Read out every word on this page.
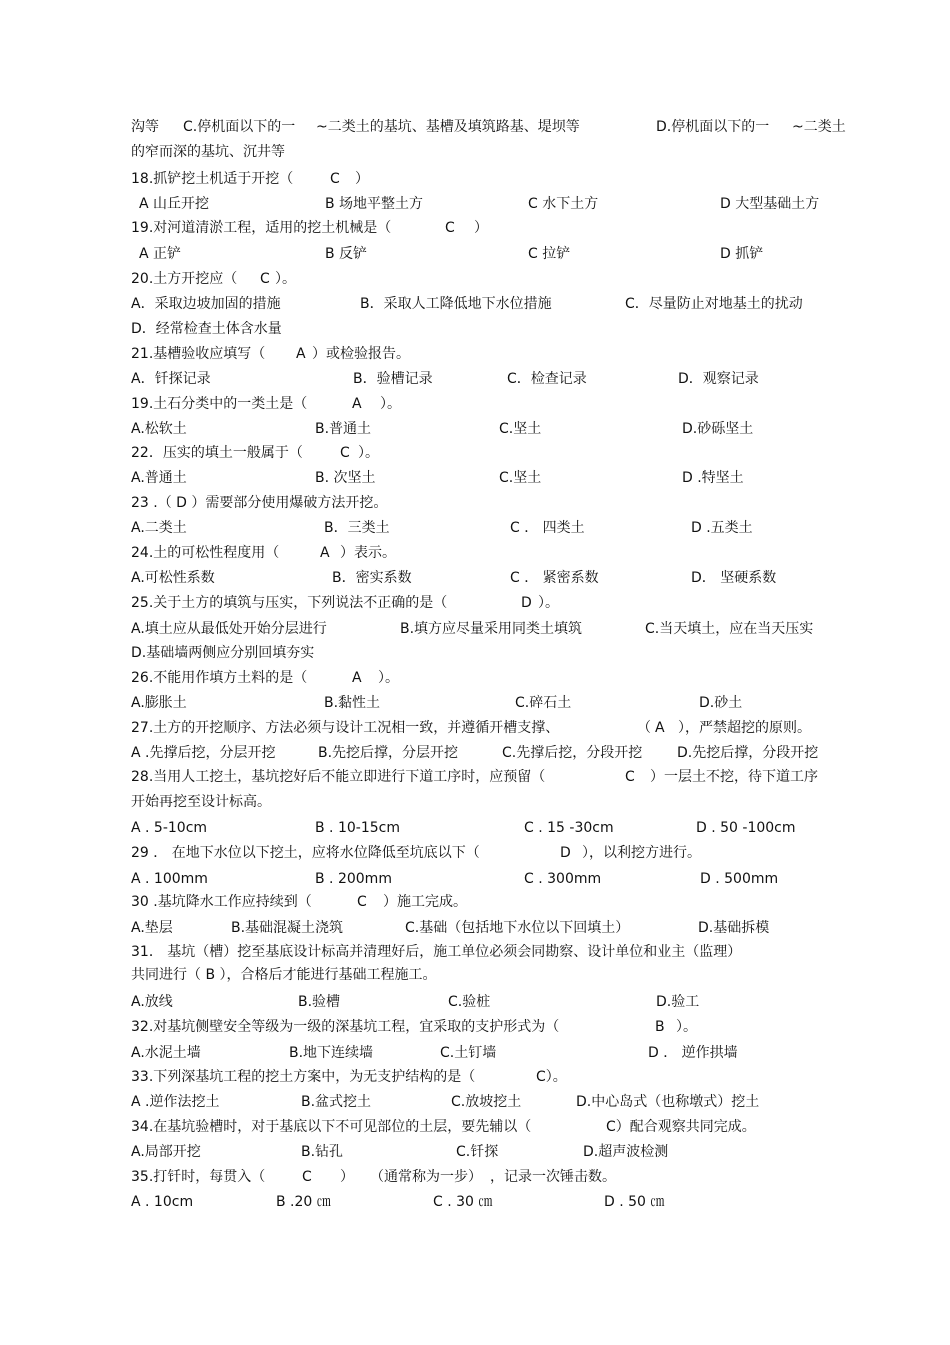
沟等 C.停机面以下的一 ~二类土的基坑、基槽及填筑路基、堤坝等	D.停机面以下的一 ~二类土
的窄而深的基坑、沉井等
18.抓铲挖土机适于开挖（	C ）
A 山丘开挖	B 场地平整土方	C 水下土方	D 大型基础土方
19.对河道清淤工程，适用的挖土机械是（	C ）
A 正铲	B 反铲	C 拉铲	D 抓铲
20.土方开挖应（ C ）。
A．采取边坡加固的措施	B．采取人工降低地下水位措施	C．尽量防止对地基土的扰动
D．经常检查土体含水量
21.基槽验收应填写（ A ）或检验报告。
A．钎探记录	B．验槽记录	C．检查记录	D．观察记录
19.土石分类中的一类土是（	A ）。
A.松软土	B.普通土	C.坚土	D.砂砾坚土
22．压实的填土一般属于（	C ）。
A.普通土	B. 次坚土	C.坚土	D .特坚土
23 .（ D ）需要部分使用爆破方法开挖。
A.二类土	B．三类土	C ． 四类土	D .五类土
24.土的可松性程度用（	A ）表示。
A.可松性系数	B．密实系数	C ． 紧密系数	D． 坚硬系数
25.关于土方的填筑与压实，下列说法不正确的是（	D ）。
A.填土应从最低处开始分层进行	B.填方应尽量采用同类土填筑	C.当天填土，应在当天压实
D.基础墙两侧应分别回填夯实
26.不能用作填方土料的是（	A ）。
A.膨胀土	B.黏性土	C.碎石土	D.砂土
27.土方的开挖顺序、方法必须与设计工况相一致，并遵循开槽支撑、	（ A ），严禁超挖的原则。
A .先撑后挖，分层开挖	B.先挖后撑，分层开挖	C.先撑后挖，分段开挖 D.先挖后撑，分段开挖
28.当用人工挖土，基坑挖好后不能立即进行下道工序时，应预留（	C ）一层土不挖，待下道工序
开始再挖至设计标高。
A . 5-10cm	B . 10-15cm	C . 15 -30cm	D . 50 -100cm
29 ． 在地下水位以下挖土，应将水位降低至坑底以下（	D ），以利挖方进行。
A . 100mm	B . 200mm	C . 300mm	D . 500mm
30 .基坑降水工作应持续到（	C ）施工完成。
A.垫层	B.基础混凝土浇筑	C.基础（包括地下水位以下回填土）	D.基础拆模
31． 基坑（槽）挖至基底设计标高并清理好后，施工单位必须会同勘察、设计单位和业主（监理）
共同进行（ B ），合格后才能进行基础工程施工。
A.放线	B.验槽	C.验桩	D.验工
32.对基坑侧壁安全等级为一级的深基坑工程，宜采取的支护形式为（	B ）。
A.水泥土墙	B.地下连续墙	C.土钉墙	D ． 逆作拱墙
33.下列深基坑工程的挖土方案中，为无支护结构的是（	C）。
A .逆作法挖土	B.盆式挖土	C.放坡挖土	D.中心岛式（也称墩式）挖土
34.在基坑验槽时，对于基底以下不可见部位的土层，要先辅以（	C）配合观察共同完成。
A.局部开挖	B.钻孔	C.钎探	D.超声波检测
35.打钎时，每贯入（	C ） （通常称为一步） ，记录一次锤击数。
A . 10cm	B .20 ㎝	C . 30 ㎝	D . 50 ㎝
